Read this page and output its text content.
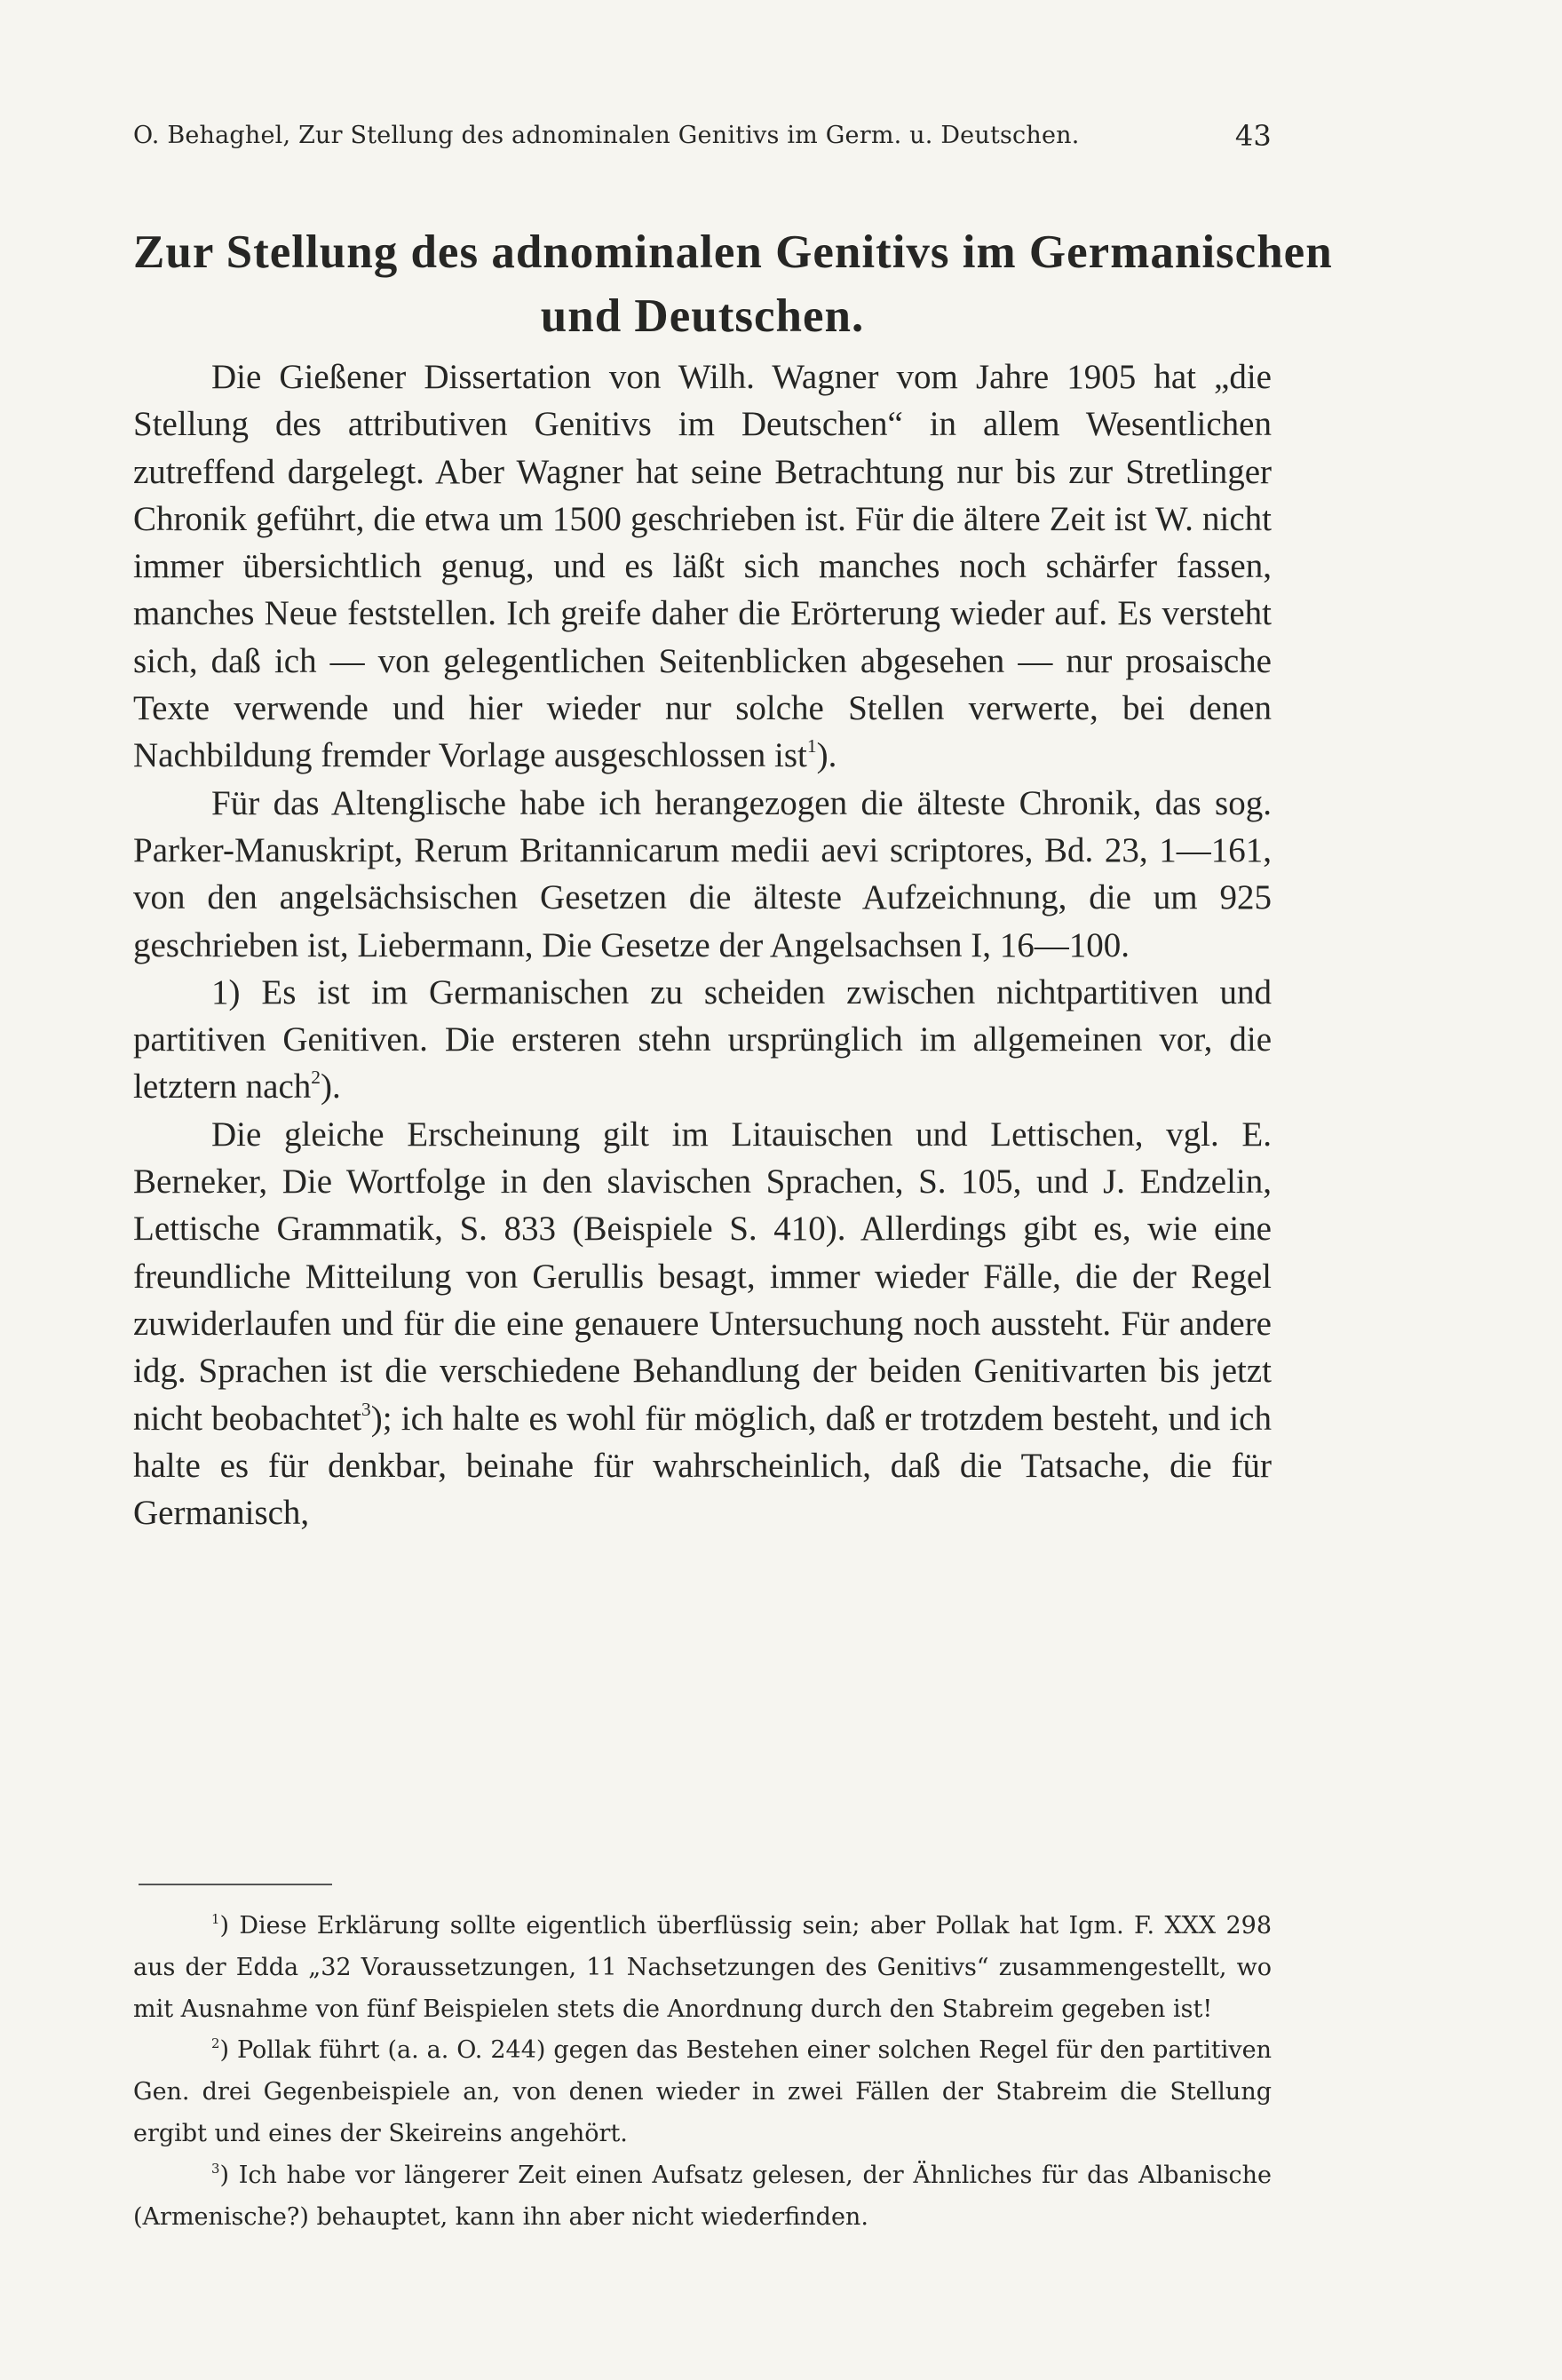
O. Behaghel, Zur Stellung des adnominalen Genitivs im Germ. u. Deutschen.	43
Zur Stellung des adnominalen Genitivs im Germanischen
und Deutschen.

Die Gießener Dissertation von Wilh. Wagner vom Jahre 1905 hat „die Stellung des attributiven Genitivs im Deutschen“ in allem Wesentlichen zutreffend dargelegt. Aber Wagner hat seine Betrachtung nur bis zur Stretlinger Chronik geführt, die etwa um 1500 geschrieben ist. Für die ältere Zeit ist W. nicht immer übersichtlich genug, und es läßt sich manches noch schärfer fassen, manches Neue feststellen. Ich greife daher die Erörterung wieder auf. Es versteht sich, daß ich — von gelegentlichen Seitenblicken abgesehen — nur prosaische Texte verwende und hier wieder nur solche Stellen verwerte, bei denen Nachbildung fremder Vorlage ausgeschlossen ist$^1$).

Für das Altenglische habe ich herangezogen die älteste Chronik, das sog. Parker-Manuskript, Rerum Britannicarum medii aevi scriptores, Bd. 23, 1—161, von den angelsächsischen Gesetzen die älteste Aufzeichnung, die um 925 geschrieben ist, Liebermann, Die Gesetze der Angelsachsen I, 16—100.

1) Es ist im Germanischen zu scheiden zwischen nichtpartitiven und partitiven Genitiven. Die ersteren stehn ursprünglich im allgemeinen vor, die letztern nach$^2$).

Die gleiche Erscheinung gilt im Litauischen und Lettischen, vgl. E. Berneker, Die Wortfolge in den slavischen Sprachen, S. 105, und J. Endzelin, Lettische Grammatik, S. 833 (Beispiele S. 410). Allerdings gibt es, wie eine freundliche Mitteilung von Gerullis besagt, immer wieder Fälle, die der Regel zuwiderlaufen und für die eine genauere Untersuchung noch aussteht. Für andere idg. Sprachen ist die verschiedene Behandlung der beiden Genitivarten bis jetzt nicht beobachtet$^3$); ich halte es wohl für möglich, daß er trotzdem besteht, und ich halte es für denkbar, beinahe für wahrscheinlich, daß die Tatsache, die für Germanisch,

$^1$) Diese Erklärung sollte eigentlich überflüssig sein; aber Pollak hat Igm. F. XXX 298 aus der Edda „32 Voraussetzungen, 11 Nachsetzungen des Genitivs“ zusammengestellt, wo mit Ausnahme von fünf Beispielen stets die Anordnung durch den Stabreim gegeben ist!

$^2$) Pollak führt (a. a. O. 244) gegen das Bestehen einer solchen Regel für den partitiven Gen. drei Gegenbeispiele an, von denen wieder in zwei Fällen der Stabreim die Stellung ergibt und eines der Skeireins angehört.

$^3$) Ich habe vor längerer Zeit einen Aufsatz gelesen, der Ähnliches für das Albanische (Armenische?) behauptet, kann ihn aber nicht wiederfinden.
